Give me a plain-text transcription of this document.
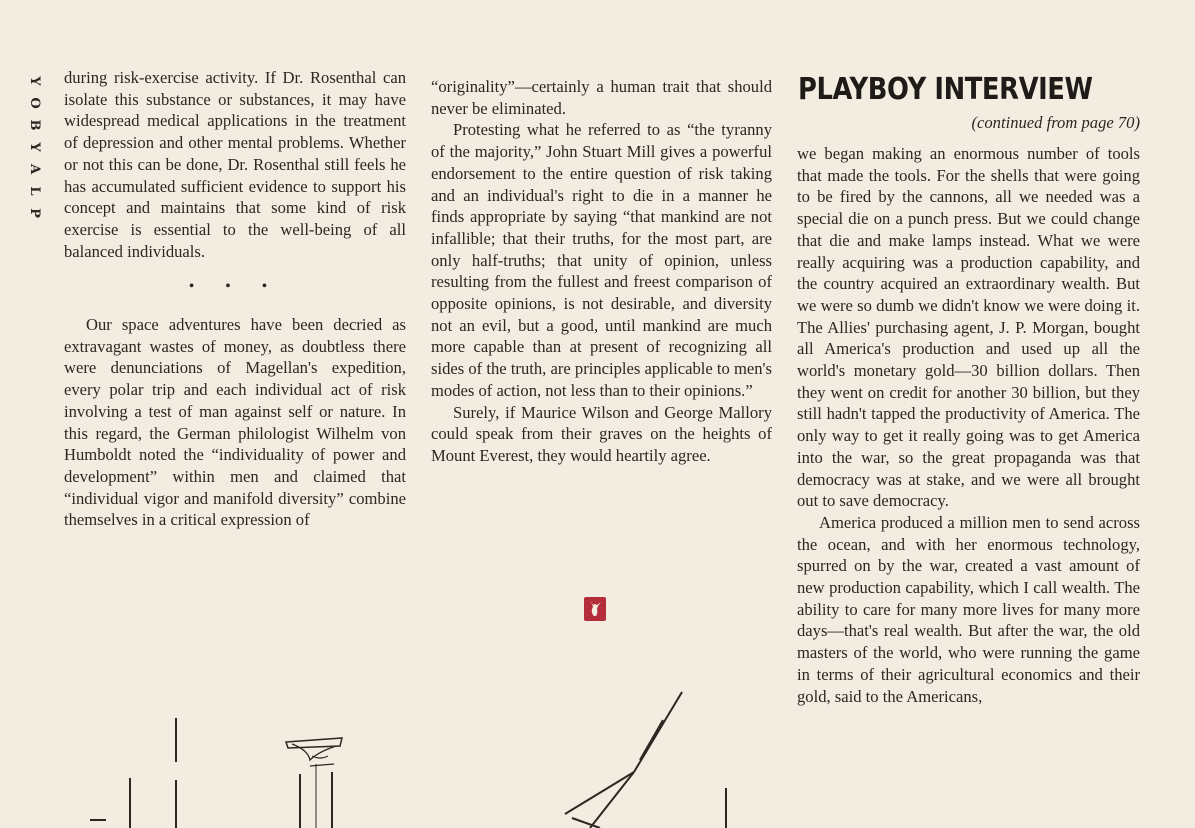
Y
O
B
Y
A
L
P

during risk-exercise activity. If Dr. Rosenthal can isolate this substance or substances, it may have widespread medical applications in the treatment of depression and other mental problems. Whether or not this can be done, Dr. Rosenthal still feels he has accumulated sufficient evidence to support his concept and maintains that some kind of risk exercise is essential to the well-being of all balanced individuals.

• • •

Our space adventures have been decried as extravagant wastes of money, as doubtless there were denunciations of Magellan's expedition, every polar trip and each individual act of risk involving a test of man against self or nature. In this regard, the German philologist Wilhelm von Humboldt noted the “individuality of power and development” within men and claimed that “individual vigor and manifold diversity” combine themselves in a critical expression of

“originality”—certainly a human trait that should never be eliminated.

Protesting what he referred to as “the tyranny of the majority,” John Stuart Mill gives a powerful endorsement to the entire question of risk taking and an individual's right to die in a manner he finds appropriate by saying “that mankind are not infallible; that their truths, for the most part, are only half-truths; that unity of opinion, unless resulting from the fullest and freest comparison of opposite opinions, is not desirable, and diversity not an evil, but a good, until mankind are much more capable than at present of recognizing all sides of the truth, are principles applicable to men's modes of action, not less than to their opinions.”

Surely, if Maurice Wilson and George Mallory could speak from their graves on the heights of Mount Everest, they would heartily agree.

PLAYBOY INTERVIEW
(continued from page 70)

we began making an enormous number of tools that made the tools. For the shells that were going to be fired by the cannons, all we needed was a special die on a punch press. But we could change that die and make lamps instead. What we were really acquiring was a production capability, and the country acquired an extraordinary wealth. But we were so dumb we didn't know we were doing it. The Allies' purchasing agent, J. P. Morgan, bought all America's production and used up all the world's monetary gold—30 billion dollars. Then they went on credit for another 30 billion, but they still hadn't tapped the productivity of America. The only way to get it really going was to get America into the war, so the great propaganda was that democracy was at stake, and we were all brought out to save democracy.

America produced a million men to send across the ocean, and with her enormous technology, spurred on by the war, created a vast amount of new production capability, which I call wealth. The ability to care for many more lives for many more days—that's real wealth. But after the war, the old masters of the world, who were running the game in terms of their agricultural economics and their gold, said to the Americans,
